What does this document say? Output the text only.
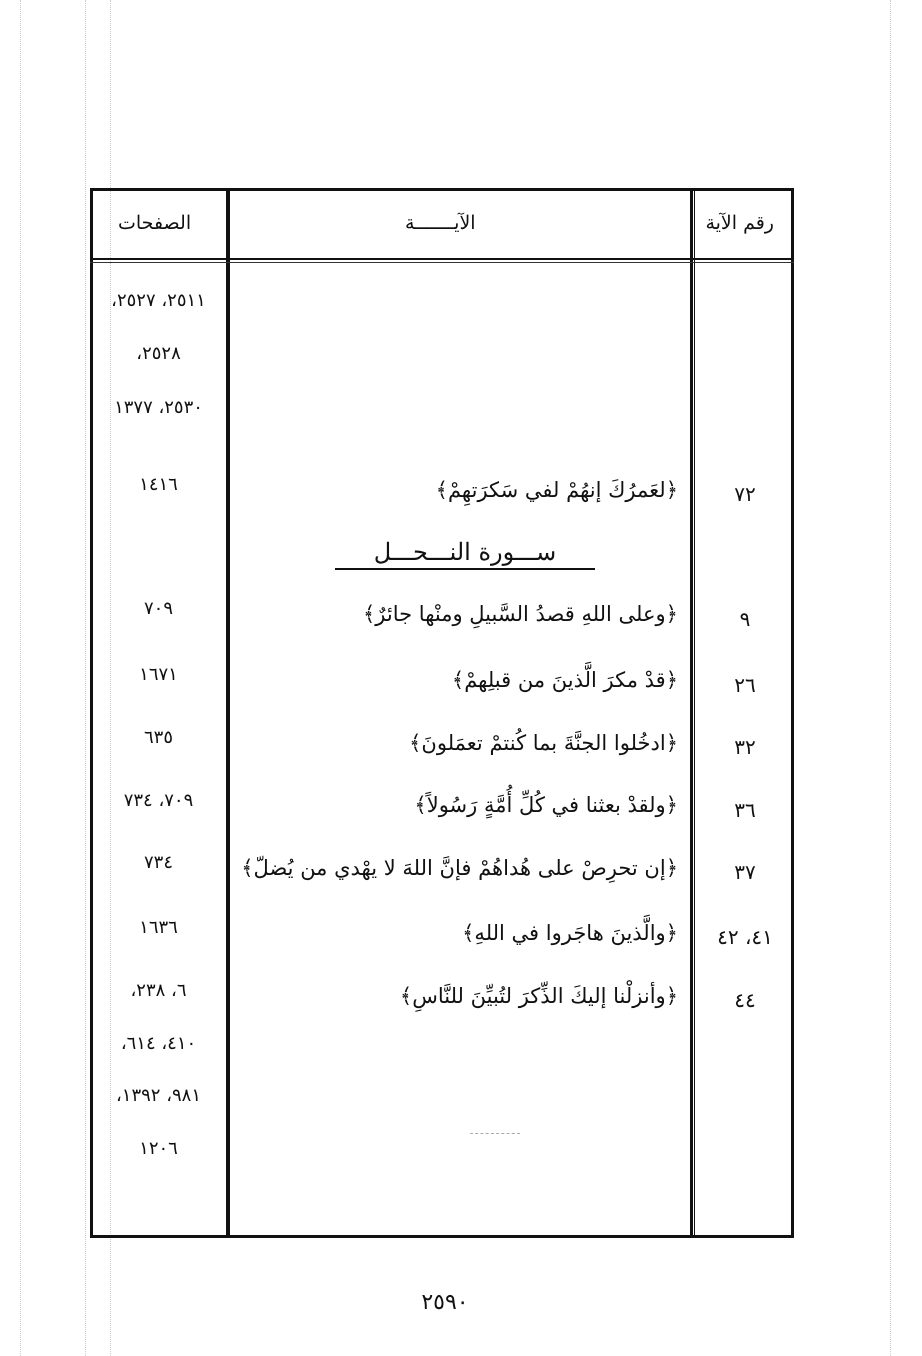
رقم الآية
الآيـــــــة
الصفحات
٢٥١١، ٢٥٢٧،
٢٥٢٨،
٢٥٣٠، ١٣٧٧
٧٢
﴿لعَمرُكَ إنهُمْ لفي سَكرَتهِمْ﴾
١٤١٦
ســـورة النـــحـــل
٩
﴿وعلى اللهِ قصدُ السَّبيلِ ومنْها جائرٌ﴾
٧٠٩
٢٦
﴿قدْ مكرَ الَّذينَ من قبلِهمْ﴾
١٦٧١
٣٢
﴿ادخُلوا الجنَّةَ بما كُنتمْ تعمَلونَ﴾
٦٣٥
٣٦
﴿ولقدْ بعثنا في كُلِّ أُمَّةٍ رَسُولاً﴾
٧٠٩، ٧٣٤
٣٧
﴿إن تحرِصْ على هُداهُمْ فإنَّ اللهَ لا يهْدي من يُضلّ﴾
٧٣٤
٤١، ٤٢
﴿والَّذينَ هاجَروا في اللهِ﴾
١٦٣٦
٤٤
﴿وأنزلْنا إليكَ الذِّكرَ لتُبيِّنَ للنَّاسِ﴾
٦، ٢٣٨،
٤١٠، ٦١٤،
٩٨١، ١٣٩٢،
١٢٠٦
٢٥٩٠
